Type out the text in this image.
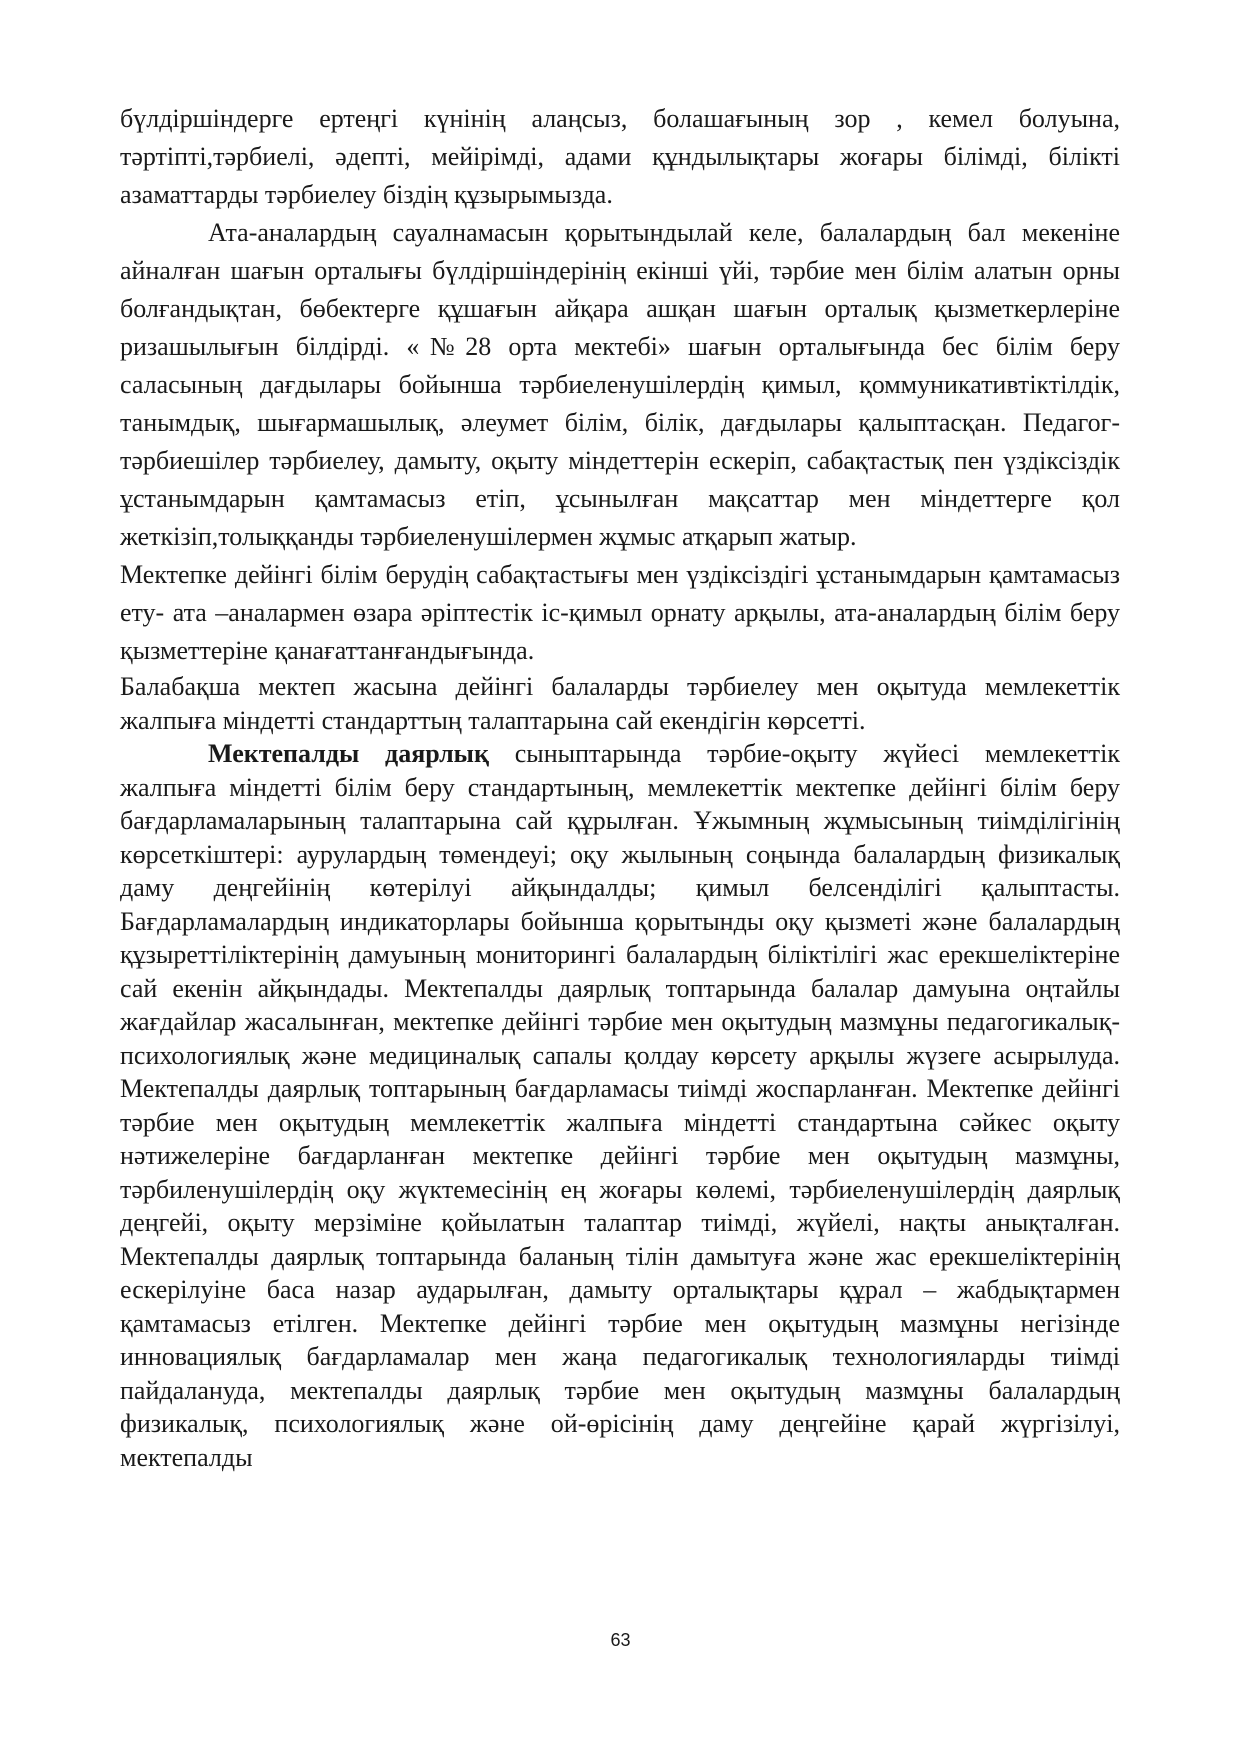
бүлдіршіндерге ертеңгі күнінің алаңсыз, болашағының зор , кемел болуына, тәртіпті,тәрбиелі, әдепті, мейірімді, адами құндылықтары жоғары білімді, білікті азаматтарды тәрбиелеу біздің құзырымызда.

Ата-аналардың сауалнамасын қорытындылай келе, балалардың бал мекеніне айналған шағын орталығы бүлдіршіндерінің екінші үйі, тәрбие мен білім алатын орны болғандықтан, бөбектерге құшағын айқара ашқан шағын орталық қызметкерлеріне ризашылығын білдірді. «№28 орта мектебі» шағын орталығында бес білім беру саласының дағдылары бойынша тәрбиеленушілердің қимыл, қоммуникативтіктілдік, танымдық, шығармашылық, әлеумет білім, білік, дағдылары қалыптасқан. Педагог- тәрбиешілер тәрбиелеу, дамыту, оқыту міндеттерін ескеріп, сабақтастық пен үздіксіздік ұстанымдарын қамтамасыз етіп, ұсынылған мақсаттар мен міндеттерге қол жеткізіп,толыққанды тәрбиеленушілермен жұмыс атқарып жатыр.

Мектепке дейінгі білім берудің сабақтастығы мен үздіксіздігі ұстанымдарын қамтамасыз ету- ата –аналармен өзара әріптестік іс-қимыл орнату арқылы, ата-аналардың білім беру қызметтеріне қанағаттанғандығында.

Балабақша мектеп жасына дейінгі балаларды тәрбиелеу мен оқытуда мемлекеттік жалпыға міндетті стандарттың талаптарына сай екендігін көрсетті.

Мектепалды даярлық сыныптарында тәрбие-оқыту жүйесі мемлекеттік жалпыға міндетті білім беру стандартының, мемлекеттік мектепке дейінгі білім беру бағдарламаларының талаптарына сай құрылған. Ұжымның жұмысының тиімділігінің көрсеткіштері: аурулардың төмендеуі; оқу жылының соңында балалардың физикалық даму деңгейінің көтерілуі айқындалды; қимыл белсенділігі қалыптасты. Бағдарламалардың индикаторлары бойынша қорытынды оқу қызметі және балалардың құзыреттіліктерінің дамуының мониторингі балалардың біліктілігі жас ерекшеліктеріне сай екенін айқындады. Мектепалды даярлық топтарында балалар дамуына оңтайлы жағдайлар жасалынған, мектепке дейінгі тәрбие мен оқытудың мазмұны педагогикалық-психологиялық және медициналық сапалы қолдау көрсету арқылы жүзеге асырылуда. Мектепалды даярлық топтарының бағдарламасы тиімді жоспарланған. Мектепке дейінгі тәрбие мен оқытудың мемлекеттік жалпыға міндетті стандартына сәйкес оқыту нәтижелеріне бағдарланған мектепке дейінгі тәрбие мен оқытудың мазмұны, тәрбиленушілердің оқу жүктемесінің ең жоғары көлемі, тәрбиеленушілердің даярлық деңгейі, оқыту мерзіміне қойылатын талаптар тиімді, жүйелі, нақты анықталған. Мектепалды даярлық топтарында баланың тілін дамытуға және жас ерекшеліктерінің ескерілуіне баса назар аударылған, дамыту орталықтары құрал – жабдықтармен қамтамасыз етілген. Мектепке дейінгі тәрбие мен оқытудың мазмұны негізінде инновациялық бағдарламалар мен жаңа педагогикалық технологияларды тиімді пайдалануда, мектепалды даярлық тәрбие мен оқытудың мазмұны балалардың физикалық, психологиялық және ой-өрісінің даму деңгейіне қарай жүргізілуі, мектепалды

63
